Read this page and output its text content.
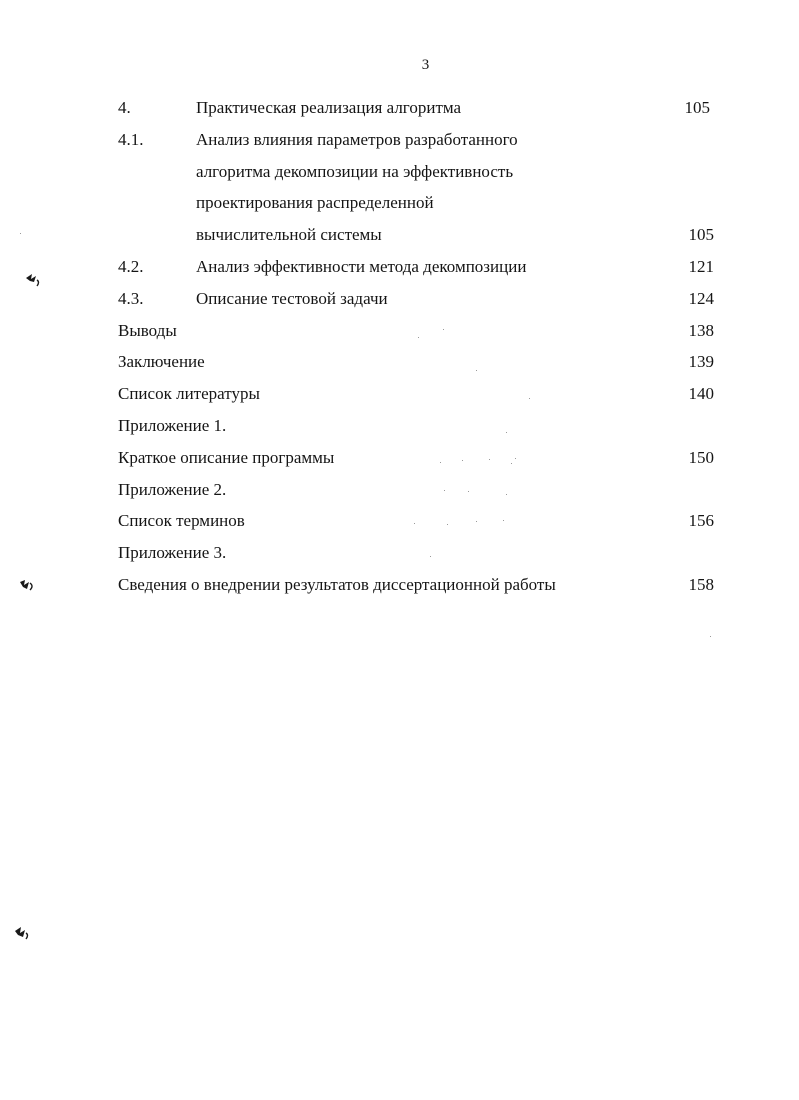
3
4.	Практическая реализация алгоритма	105
4.1.	Анализ влияния параметров разработанного
алгоритма декомпозиции на эффективность
проектирования распределенной
вычислительной системы	105
4.2.	Анализ эффективности метода декомпозиции	121
4.3.	Описание тестовой задачи	124
Выводы	138
Заключение	139
Список литературы	140
Приложение 1.
Краткое описание программы	150
Приложение 2.
Список терминов	156
Приложение 3.
Сведения о внедрении результатов диссертационной работы	158
